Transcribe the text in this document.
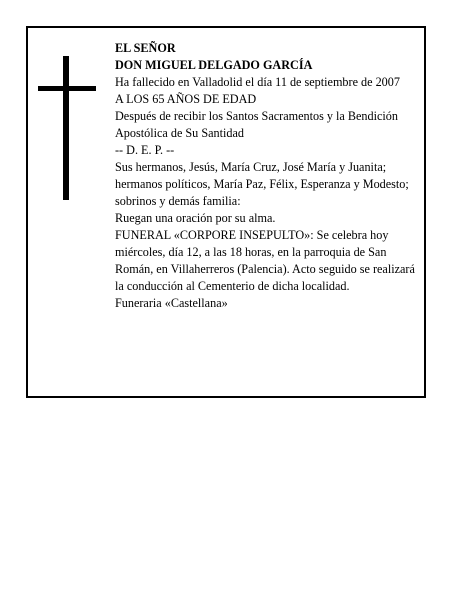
EL SEÑOR

DON MIGUEL DELGADO GARCÍA

Ha fallecido en Valladolid el día 11 de septiembre de 2007

A LOS 65 AÑOS DE EDAD

Después de recibir los Santos Sacramentos y la Bendición Apostólica de Su Santidad

-- D. E. P. --

Sus hermanos, Jesús, María Cruz, José María y Juanita; hermanos políticos, María Paz, Félix, Esperanza y Modesto; sobrinos y demás familia:

Ruegan una oración por su alma.

FUNERAL «CORPORE INSEPULTO»: Se celebra hoy miércoles, día 12, a las 18 horas, en la parroquia de San Román, en Villaherreros (Palencia). Acto seguido se realizará la conducción al Cementerio de dicha localidad.

Funeraria «Castellana»
